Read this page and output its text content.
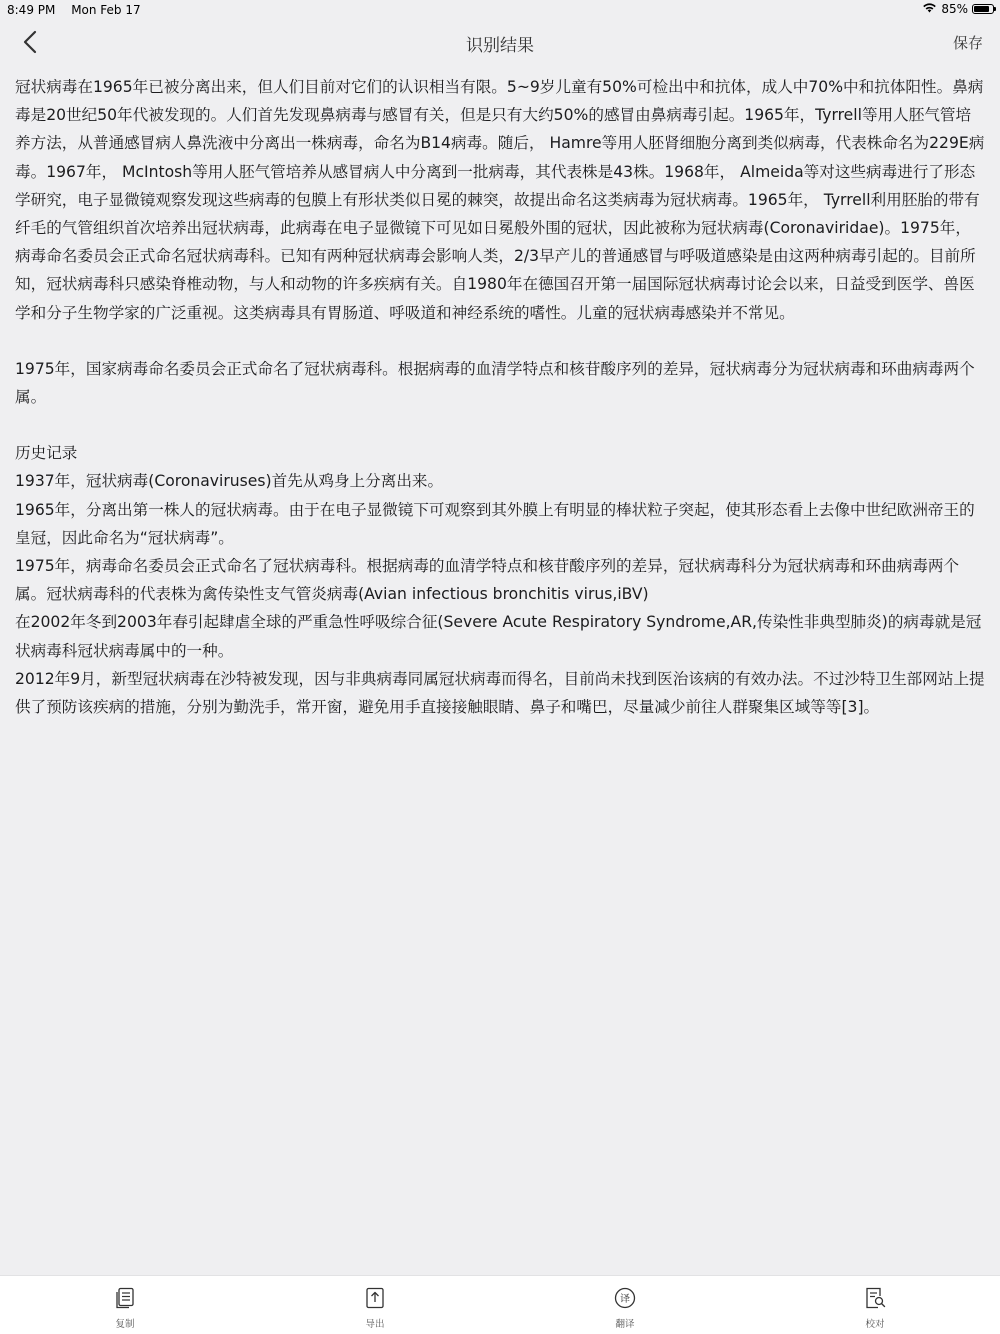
8:49 PM Mon Feb 17	85%
识别结果	保存

冠状病毒在1965年已被分离出来，但人们目前对它们的认识相当有限。5~9岁儿童有50%可检出中和抗体，成人中70%中和抗体阳性。鼻病毒是20世纪50年代被发现的。人们首先发现鼻病毒与感冒有关，但是只有大约50%的感冒由鼻病毒引起。1965年，Tyrrell等用人胚气管培养方法，从普通感冒病人鼻洗液中分离出一株病毒，命名为B14病毒。随后， Hamre等用人胚肾细胞分离到类似病毒，代表株命名为229E病毒。1967年， McIntosh等用人胚气管培养从感冒病人中分离到一批病毒，其代表株是43株。1968年， Almeida等对这些病毒进行了形态学研究，电子显微镜观察发现这些病毒的包膜上有形状类似日冕的棘突，故提出命名这类病毒为冠状病毒。1965年， Tyrrell利用胚胎的带有纤毛的气管组织首次培养出冠状病毒，此病毒在电子显微镜下可见如日冕般外围的冠状，因此被称为冠状病毒(Coronaviridae)。1975年，病毒命名委员会正式命名冠状病毒科。已知有两种冠状病毒会影响人类，2/3早产儿的普通感冒与呼吸道感染是由这两种病毒引起的。目前所知，冠状病毒科只感染脊椎动物，与人和动物的许多疾病有关。自1980年在德国召开第一届国际冠状病毒讨论会以来，日益受到医学、兽医学和分子生物学家的广泛重视。这类病毒具有胃肠道、呼吸道和神经系统的嗜性。儿童的冠状病毒感染并不常见。

1975年，国家病毒命名委员会正式命名了冠状病毒科。根据病毒的血清学特点和核苷酸序列的差异，冠状病毒分为冠状病毒和环曲病毒两个属。

历史记录

1937年，冠状病毒(Coronaviruses)首先从鸡身上分离出来。

1965年，分离出第一株人的冠状病毒。由于在电子显微镜下可观察到其外膜上有明显的棒状粒子突起，使其形态看上去像中世纪欧洲帝王的皇冠，因此命名为“冠状病毒”。

1975年，病毒命名委员会正式命名了冠状病毒科。根据病毒的血清学特点和核苷酸序列的差异，冠状病毒科分为冠状病毒和环曲病毒两个属。冠状病毒科的代表株为禽传染性支气管炎病毒(Avian infectious bronchitis virus,iBV)

在2002年冬到2003年春引起肆虐全球的严重急性呼吸综合征(Severe Acute Respiratory Syndrome,AR,传染性非典型肺炎)的病毒就是冠状病毒科冠状病毒属中的一种。

2012年9月，新型冠状病毒在沙特被发现，因与非典病毒同属冠状病毒而得名，目前尚未找到医治该病的有效办法。不过沙特卫生部网站上提供了预防该疾病的措施，分别为勤洗手，常开窗，避免用手直接接触眼睛、鼻子和嘴巴，尽量减少前往人群聚集区域等等[3]。

复制	导出
译
翻译	校对
